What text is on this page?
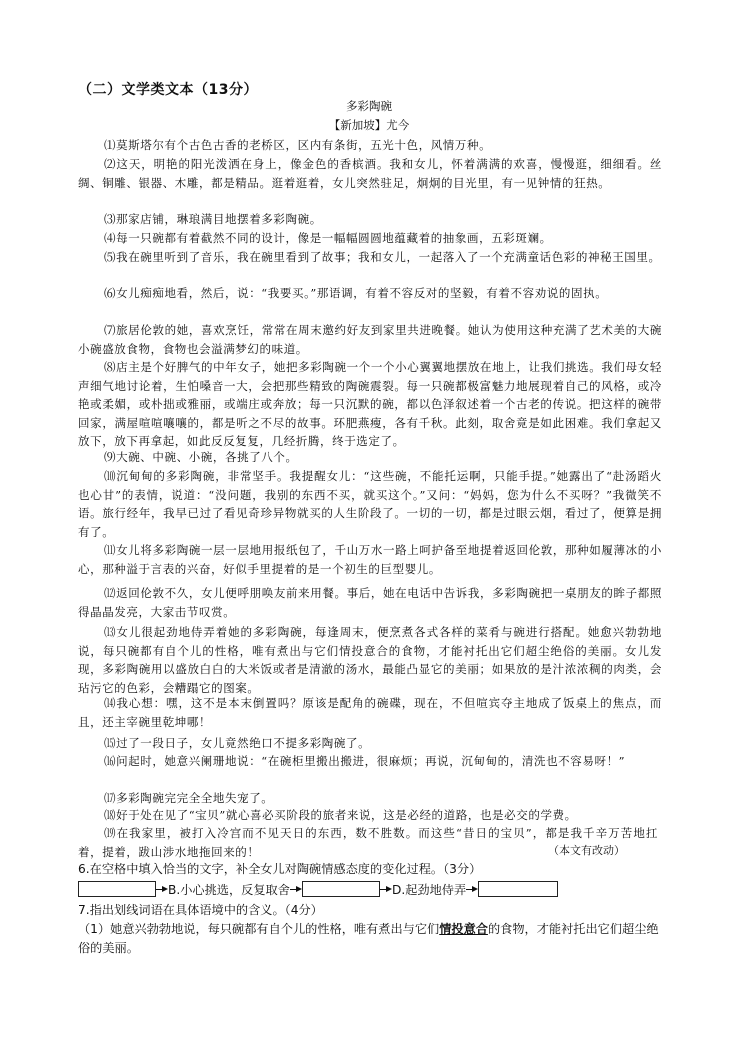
（二）文学类文本（13分）
多彩陶碗
【新加坡】尤今

⑴莫斯塔尔有个古色古香的老桥区，区内有条街，五光十色，风情万种。

⑵这天，明艳的阳光泼洒在身上，像金色的香槟酒。我和女儿，怀着满满的欢喜，慢慢逛，细细看。丝绸、铜雕、银器、木雕，都是精品。逛着逛着，女儿突然驻足，炯炯的目光里，有一见钟情的狂热。

⑶那家店铺，琳琅满目地摆着多彩陶碗。

⑷每一只碗都有着截然不同的设计，像是一幅幅圆圆地蕴藏着的抽象画，五彩斑斓。

⑸我在碗里听到了音乐，我在碗里看到了故事；我和女儿，一起落入了一个充满童话色彩的神秘王国里。

⑹女儿痴痴地看，然后，说：“我要买。”那语调，有着不容反对的坚毅，有着不容劝说的固执。

⑺旅居伦敦的她，喜欢烹饪，常常在周末邀约好友到家里共进晚餐。她认为使用这种充满了艺术美的大碗小碗盛放食物，食物也会溢满梦幻的味道。

⑻店主是个好脾气的中年女子，她把多彩陶碗一个一个小心翼翼地摆放在地上，让我们挑选。我们母女轻声细气地讨论着，生怕嗓音一大，会把那些精致的陶碗震裂。每一只碗都极富魅力地展现着自己的风格，或冷艳或柔媚，或朴拙或雅丽，或端庄或奔放；每一只沉默的碗，都以色泽叙述着一个古老的传说。把这样的碗带回家，满屋喧喧嚷嚷的，都是听之不尽的故事。环肥燕瘦，各有千秋。此刻，取舍竟是如此困难。我们拿起又放下，放下再拿起，如此反反复复，几经折腾，终于选定了。

⑼大碗、中碗、小碗，各挑了八个。

⑽沉甸甸的多彩陶碗，非常坚手。我提醒女儿：“这些碗，不能托运啊，只能手提。”她露出了“赴汤蹈火也心甘”的表情，说道：“没问题，我别的东西不买，就买这个。”又问：“妈妈，您为什么不买呀？”我微笑不语。旅行经年，我早已过了看见奇珍异物就买的人生阶段了。一切的一切，都是过眼云烟，看过了，便算是拥有了。

⑾女儿将多彩陶碗一层一层地用报纸包了，千山万水一路上呵护备至地提着返回伦敦，那种如履薄冰的小心，那种溢于言表的兴奋，好似手里提着的是一个初生的巨型婴儿。

⑿返回伦敦不久，女儿便呼朋唤友前来用餐。事后，她在电话中告诉我，多彩陶碗把一桌朋友的眸子都照得晶晶发亮，大家击节叹赏。

⒀女儿很起劲地侍弄着她的多彩陶碗，每逢周末，便烹煮各式各样的菜肴与碗进行搭配。她愈兴勃勃地说，每只碗都有自个儿的性格，唯有煮出与它们情投意合的食物，才能衬托出它们超尘绝俗的美丽。女儿发现，多彩陶碗用以盛放白白的大米饭或者是清澈的汤水，最能凸显它的美丽；如果放的是汁浓浓稠的肉类，会玷污它的色彩，会糟蹋它的图案。

⒁我心想：嘿，这不是本末倒置吗？原该是配角的碗碟，现在，不但喧宾夺主地成了饭桌上的焦点，而且，还主宰碗里乾坤哪！

⒂过了一段日子，女儿竟然绝口不提多彩陶碗了。

⒃问起时，她意兴阑珊地说：“在碗柜里搬出搬进，很麻烦；再说，沉甸甸的，清洗也不容易呀！”

⒄多彩陶碗完完全全地失宠了。

⒅好于处在见了“宝贝”就心喜必买阶段的旅者来说，这是必经的道路，也是必交的学费。

⒆在我家里，被打入冷宫而不见天日的东西，数不胜数。而这些“昔日的宝贝”，都是我千辛万苦地扛着，提着，跋山涉水地拖回来的！	（本文有改动）

6.在空格中填入恰当的文字，补全女儿对陶碗情感态度的变化过程。（3分）

B.小心挑选，反复取舍	D.起劲地侍弄

7.指出划线词语在具体语境中的含义。（4分）

（1）她意兴勃勃地说，每只碗都有自个儿的性格，唯有煮出与它们情投意合的食物，才能衬托出它们超尘绝俗的美丽。
